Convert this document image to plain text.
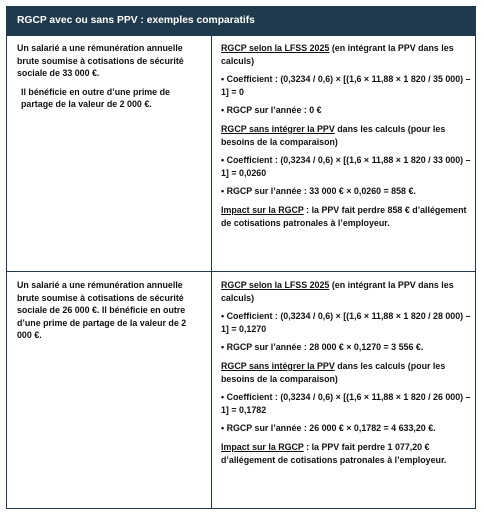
RGCP avec ou sans PPV : exemples comparatifs

Un salarié a une rémunération annuelle brute soumise à cotisations de sécurité sociale de 33 000 €.

Il bénéficie en outre d’une prime de partage de la valeur de 2 000 €.

RGCP selon la LFSS 2025 (en intégrant la PPV dans les calculs)

• Coefficient : (0,3234 / 0,6) × [(1,6 × 11,88 × 1 820 / 35 000) – 1] = 0

• RGCP sur l’année : 0 €

RGCP sans intégrer la PPV dans les calculs (pour les besoins de la comparaison)

• Coefficient : (0,3234 / 0,6) × [(1,6 × 11,88 × 1 820 / 33 000) – 1] = 0,0260

• RGCP sur l’année : 33 000 € × 0,0260 = 858 €.

Impact sur la RGCP : la PPV fait perdre 858 € d’allégement de cotisations patronales à l’employeur.

Un salarié a une rémunération annuelle brute soumise à cotisations de sécurité sociale de 26 000 €. Il bénéficie en outre d’une prime de partage de la valeur de 2 000 €.

RGCP selon la LFSS 2025 (en intégrant la PPV dans les calculs)

• Coefficient : (0,3234 / 0,6) × [(1,6 × 11,88 × 1 820 / 28 000) – 1] = 0,1270

• RGCP sur l’année : 28 000 € × 0,1270 = 3 556 €.

RGCP sans intégrer la PPV dans les calculs (pour les besoins de la comparaison)

• Coefficient : (0,3234 / 0,6) × [(1,6 × 11,88 × 1 820 / 26 000) – 1] = 0,1782

• RGCP sur l’année : 26 000 € × 0,1782 = 4 633,20 €.

Impact sur la RGCP : la PPV fait perdre 1 077,20 € d’allégement de cotisations patronales à l’employeur.
